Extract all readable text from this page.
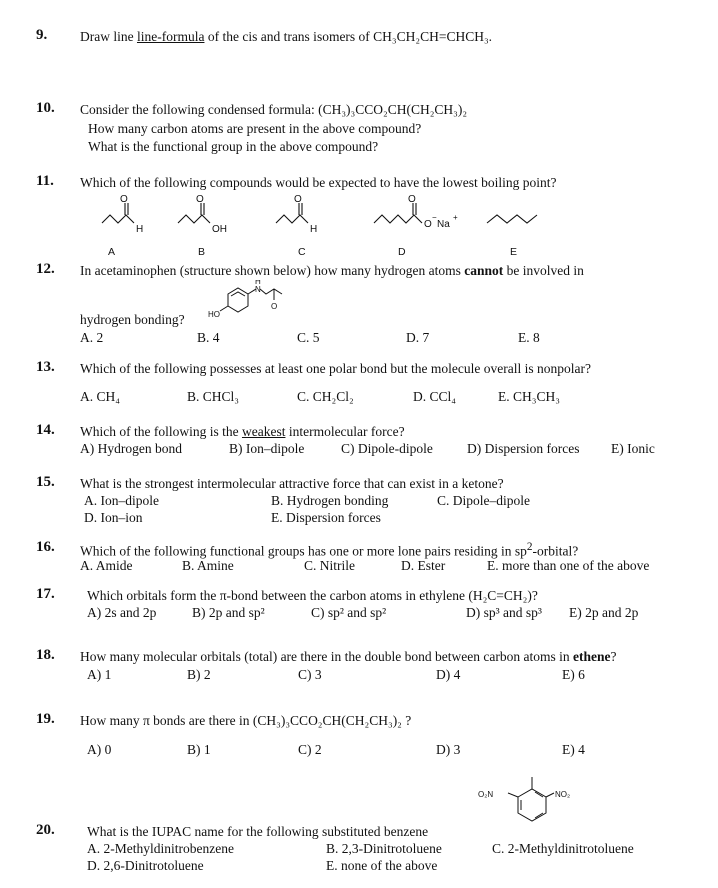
9. Draw line line-formula of the cis and trans isomers of CH₃CH₂CH=CHCH₃.
10. Consider the following condensed formula: (CH₃)₃CCO₂CH(CH₂CH₃)₂
How many carbon atoms are present in the above compound?
What is the functional group in the above compound?
11. Which of the following compounds would be expected to have the lowest boiling point?
O
H
O
OH
O
H
O
O
−
Na
+
A	B	C	D	E
12. In acetaminophen (structure shown below) how many hydrogen atoms cannot be involved in
hydrogen bonding?	HO
H
N
O
A. 2	B. 4	C. 5	D. 7	E. 8
13. Which of the following possesses at least one polar bond but the molecule overall is nonpolar?
A. CH₄	B. CHCl₃	C. CH₂Cl₂	D. CCl₄	E. CH₃CH₃
14. Which of the following is the weakest intermolecular force?
A) Hydrogen bond	B) Ion–dipole	C) Dipole-dipole	D) Dispersion forces E) Ionic
15. What is the strongest intermolecular attractive force that can exist in a ketone?
A. Ion–dipole	B. Hydrogen bonding	C. Dipole–dipole
D. Ion–ion	E. Dispersion forces
16. Which of the following functional groups has one or more lone pairs residing in $sp^2$-orbital?
A. Amide	B. Amine	C. Nitrile	D. Ester	E. more than one of the above
17. Which orbitals form the π-bond between the carbon atoms in ethylene (H₂C=CH₂)?
A) 2s and 2p	B) 2p and sp²	C) sp² and sp²	D) sp³ and sp³ E) 2p and 2p
18. How many molecular orbitals (total) are there in the double bond between carbon atoms in ethene?
A) 1	B) 2	C) 3	D) 4	E) 6
19. How many π bonds are there in (CH₃)₃CCO₂CH(CH₂CH₃)₂ ?
A) 0	B) 1	C) 2	D) 3	E) 4
O₂N	NO₂
20. What is the IUPAC name for the following substituted benzene
A. 2-Methyldinitrobenzene	B. 2,3-Dinitrotoluene	C. 2-Methyldinitrotoluene
D. 2,6-Dinitrotoluene	E. none of the above
